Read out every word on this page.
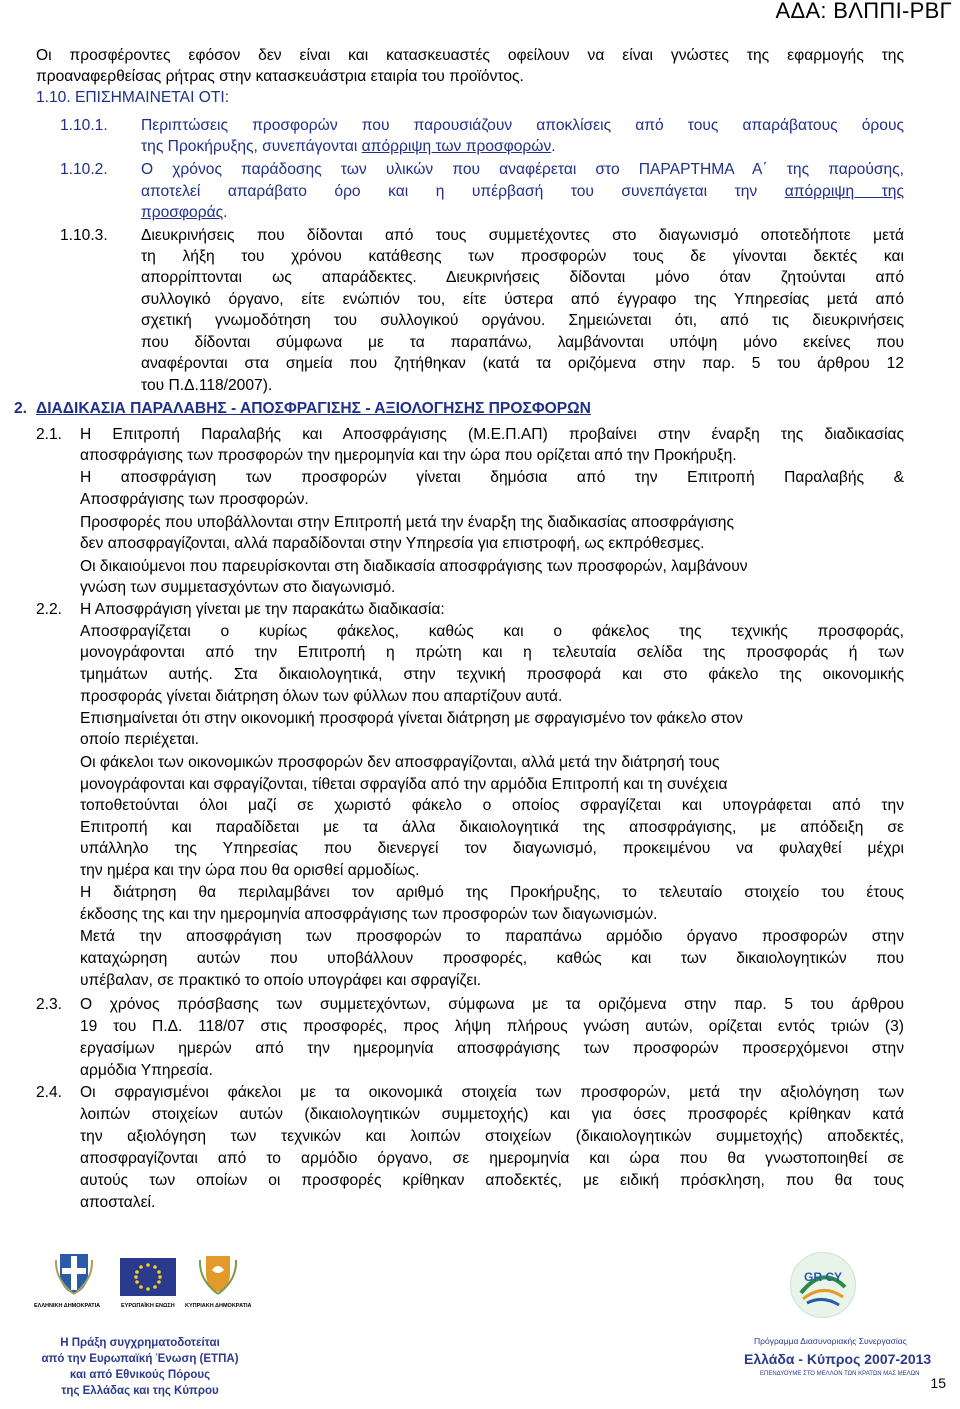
ΑΔΑ: ΒΛΠΠΙ-ΡΒΓ
Οι προσφέροντες εφόσον δεν είναι και κατασκευαστές οφείλουν να είναι γνώστες της εφαρμογής της
προαναφερθείσας ρήτρας στην κατασκευάστρια εταιρία του προϊόντος.
1.10. ΕΠΙΣΗΜΑΙΝΕΤΑΙ ΟΤΙ:
1.10.1. Περιπτώσεις προσφορών που παρουσιάζουν αποκλίσεις από τους απαράβατους όρους
της Προκήρυξης, συνεπάγονται απόρριψη των προσφορών.
1.10.2. Ο χρόνος παράδοσης των υλικών που αναφέρεται στο ΠΑΡΑΡΤΗΜΑ Α΄ της παρούσης,
αποτελεί απαράβατο όρο και η υπέρβασή του συνεπάγεται την απόρριψη της
προσφοράς.
1.10.3. Διευκρινήσεις που δίδονται από τους συμμετέχοντες στο διαγωνισμό οποτεδήποτε μετά
τη λήξη του χρόνου κατάθεσης των προσφορών τους δε γίνονται δεκτές και
απορρίπτονται ως απαράδεκτες. Διευκρινήσεις δίδονται μόνο όταν ζητούνται από
συλλογικό όργανο, είτε ενώπιόν του, είτε ύστερα από έγγραφο της Υπηρεσίας μετά από
σχετική γνωμοδότηση του συλλογικού οργάνου. Σημειώνεται ότι, από τις διευκρινήσεις
που δίδονται σύμφωνα με τα παραπάνω, λαμβάνονται υπόψη μόνο εκείνες που
αναφέρονται στα σημεία που ζητήθηκαν (κατά τα οριζόμενα στην παρ. 5 του άρθρου 12
του Π.Δ.118/2007).
2. ΔΙΑΔΙΚΑΣΙΑ ΠΑΡΑΛΑΒΗΣ - ΑΠΟΣΦΡΑΓΙΣΗΣ - ΑΞΙΟΛΟΓΗΣΗΣ ΠΡΟΣΦΟΡΩΝ
2.1. Η Επιτροπή Παραλαβής και Αποσφράγισης (Μ.Ε.Π.ΑΠ) προβαίνει στην έναρξη της διαδικασίας
αποσφράγισης των προσφορών την ημερομηνία και την ώρα που ορίζεται από την Προκήρυξη.
Η αποσφράγιση των προσφορών γίνεται δημόσια από την Επιτροπή Παραλαβής &
Αποσφράγισης των προσφορών.
Προσφορές που υποβάλλονται στην Επιτροπή μετά την έναρξη της διαδικασίας αποσφράγισης
δεν αποσφραγίζονται, αλλά παραδίδονται στην Υπηρεσία για επιστροφή, ως εκπρόθεσμες.
Οι δικαιούμενοι που παρευρίσκονται στη διαδικασία αποσφράγισης των προσφορών, λαμβάνουν
γνώση των συμμετασχόντων στο διαγωνισμό.
2.2. Η Αποσφράγιση γίνεται με την παρακάτω διαδικασία:
Αποσφραγίζεται ο κυρίως φάκελος, καθώς και ο φάκελος της τεχνικής προσφοράς,
μονογράφονται από την Επιτροπή η πρώτη και η τελευταία σελίδα της προσφοράς ή των
τμημάτων αυτής. Στα δικαιολογητικά, στην τεχνική προσφορά και στο φάκελο της οικονομικής
προσφοράς γίνεται διάτρηση όλων των φύλλων που απαρτίζουν αυτά.
Επισημαίνεται ότι στην οικονομική προσφορά γίνεται διάτρηση με σφραγισμένο τον φάκελο στον
οποίο περιέχεται.
Οι φάκελοι των οικονομικών προσφορών δεν αποσφραγίζονται, αλλά μετά την διάτρησή τους
μονογράφονται και σφραγίζονται, τίθεται σφραγίδα από την αρμόδια Επιτροπή και τη συνέχεια
τοποθετούνται όλοι μαζί σε χωριστό φάκελο ο οποίος σφραγίζεται και υπογράφεται από την
Επιτροπή και παραδίδεται με τα άλλα δικαιολογητικά της αποσφράγισης, με απόδειξη σε
υπάλληλο της Υπηρεσίας που διενεργεί τον διαγωνισμό, προκειμένου να φυλαχθεί μέχρι
την ημέρα και την ώρα που θα ορισθεί αρμοδίως.
Η διάτρηση θα περιλαμβάνει τον αριθμό της Προκήρυξης, το τελευταίο στοιχείο του έτους
έκδοσης της και την ημερομηνία αποσφράγισης των προσφορών των διαγωνισμών.
Μετά την αποσφράγιση των προσφορών το παραπάνω αρμόδιο όργανο προσφορών στην
καταχώρηση αυτών που υποβάλλουν προσφορές, καθώς και των δικαιολογητικών που
υπέβαλαν, σε πρακτικό το οποίο υπογράφει και σφραγίζει.
2.3. Ο χρόνος πρόσβασης των συμμετεχόντων, σύμφωνα με τα οριζόμενα στην παρ. 5 του άρθρου
19 του Π.Δ. 118/07 στις προσφορές, προς λήψη πλήρους γνώση αυτών, ορίζεται εντός τριών (3)
εργασίμων ημερών από την ημερομηνία αποσφράγισης των προσφορών προσερχόμενοι στην
αρμόδια Υπηρεσία.
2.4. Οι σφραγισμένοι φάκελοι με τα οικονομικά στοιχεία των προσφορών, μετά την αξιολόγηση των
λοιπών στοιχείων αυτών (δικαιολογητικών συμμετοχής) και για όσες προσφορές κρίθηκαν κατά
την αξιολόγηση των τεχνικών και λοιπών στοιχείων (δικαιολογητικών συμμετοχής) αποδεκτές,
αποσφραγίζονται από το αρμόδιο όργανο, σε ημερομηνία και ώρα που θα γνωστοποιηθεί σε
αυτούς των οποίων οι προσφορές κρίθηκαν αποδεκτές, με ειδική πρόσκληση, που θα τους
αποσταλεί.
ΕΛΛΗΝΙΚΗ ΔΗΜΟΚΡΑΤΙΑ	ΕΥΡΩΠΑΪΚΗ ΕΝΩΣΗ ΚΥΠΡΙΑΚΗ ΔΗΜΟΚΡΑΤΙΑ
Η Πράξη συγχρηματοδοτείται
από την Ευρωπαϊκή Ένωση (ΕΤΠΑ)
και από Εθνικούς Πόρους
της Ελλάδας και της Κύπρου
GR CY
Πρόγραμμα Διασυνοριακής Συνεργασίας
Ελλάδα - Κύπρος 2007-2013
ΕΠΕΝΔΥΟΥΜΕ ΣΤΟ ΜΕΛΛΟΝ ΤΩΝ ΚΡΑΤΩΝ ΜΑΣ ΜΕΛΩΝ
15
